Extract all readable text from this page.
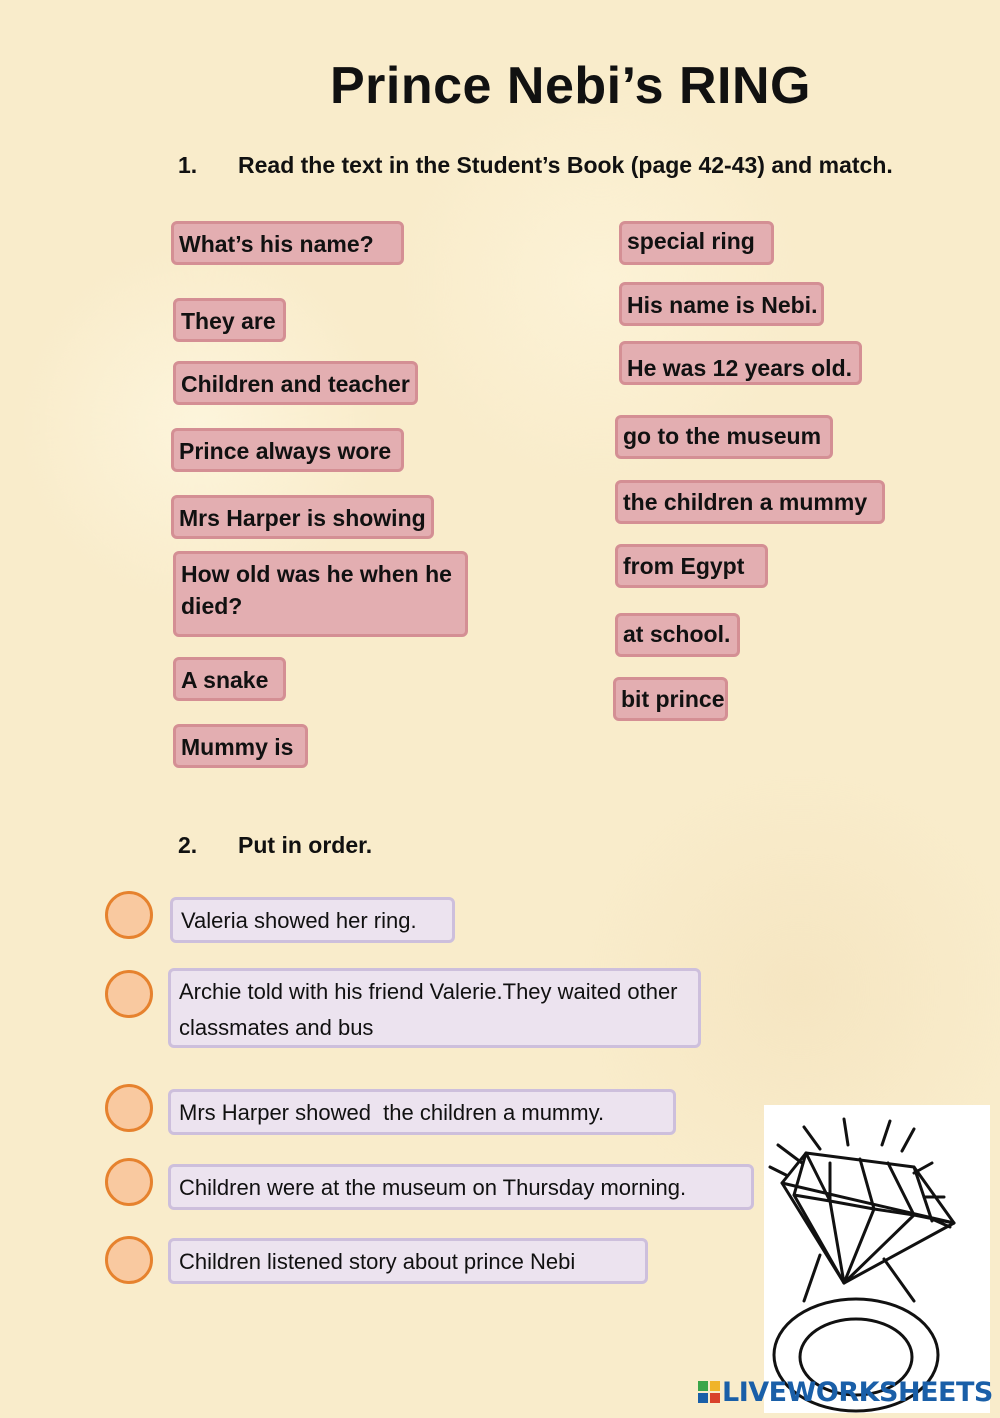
Prince Nebi’s RING
1. Read the text in the Student’s Book (page 42-43) and match.
What’s his name?
They are
Children and teacher
Prince always wore
Mrs Harper is showing
How old was he when he died?
A snake
Mummy is
special ring
His name is Nebi.
He was 12 years old.
go to the museum
the children a mummy
from Egypt
at school.
bit prince
2. Put in order.
Valeria showed her ring.
Archie told with his friend Valerie.They waited other classmates and bus
Mrs Harper showed  the children a mummy.
Children were at the museum on Thursday morning.
Children listened story about prince Nebi
LIVEWORKSHEETS
